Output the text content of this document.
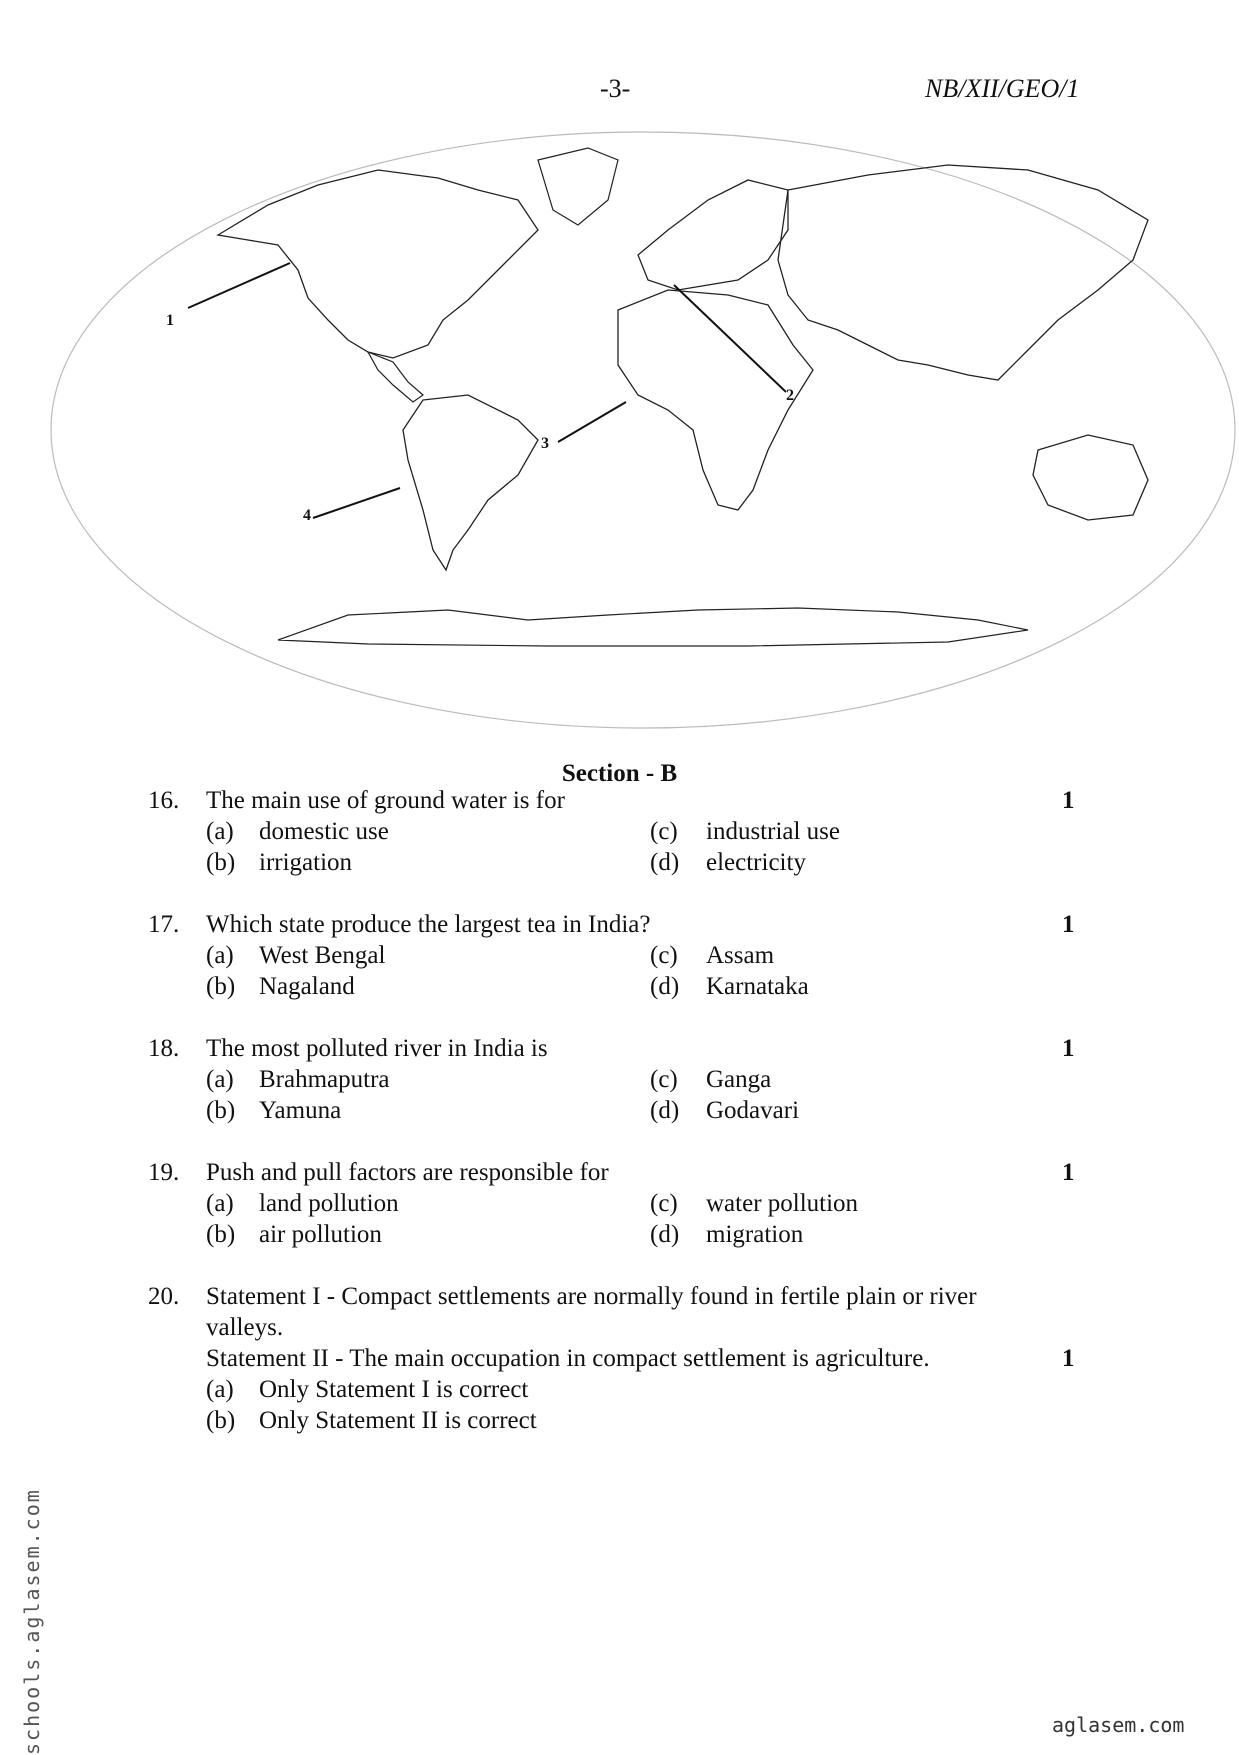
-3-	NB/XII/GEO/1
1
2
3
4
Section - B
16. The main use of ground water is for	1
(a) domestic use
(b) irrigation
(c) industrial use
(d) electricity
17. Which state produce the largest tea in India?	1
(a) West Bengal
(b) Nagaland
(c) Assam
(d) Karnataka
18. The most polluted river in India is	1
(a) Brahmaputra
(b) Yamuna
(c) Ganga
(d) Godavari
19. Push and pull factors are responsible for	1
(a) land pollution
(b) air pollution
(c) water pollution
(d) migration
20. Statement I - Compact settlements are normally found in fertile plain or river
valleys.
Statement II - The main occupation in compact settlement is agriculture.	1
(a) Only Statement I is correct
(b) Only Statement II is correct
schools.aglasem.com	aglasem.com
